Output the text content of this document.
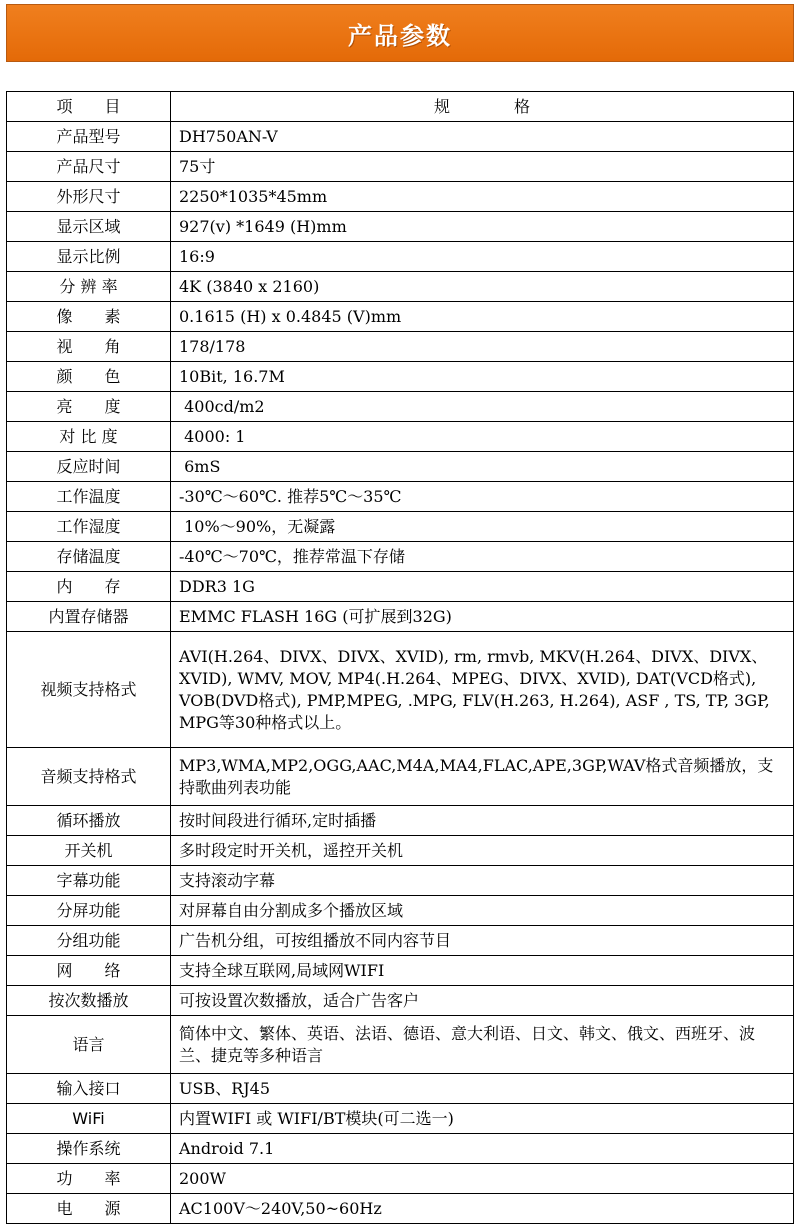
产品参数
项　　目	规　　　　格
产品型号	DH750AN-V
产品尺寸	75寸
外形尺寸	2250*1035*45mm
显示区域	927(v) *1649 (H)mm
显示比例	16:9
分 辨 率	4K (3840 x 2160)
像　　素	0.1615 (H) x 0.4845 (V)mm
视　　角	178/178
颜　　色	10Bit, 16.7M
亮　　度	400cd/m2
对 比 度	4000: 1
反应时间	6mS
工作温度	-30℃～60℃. 推荐5℃～35℃
工作湿度	10%～90%，无凝露
存储温度	-40℃～70℃，推荐常温下存储
内　　存	DDR3 1G
内置存储器	EMMC FLASH 16G (可扩展到32G)
视频支持格式	AVI(H.264、DIVX、DIVX、XVID), rm, rmvb, MKV(H.264、DIVX、DIVX、XVID), WMV, MOV, MP4(.H.264、MPEG、DIVX、XVID), DAT(VCD格式), VOB(DVD格式), PMP,MPEG, .MPG, FLV(H.263, H.264), ASF , TS, TP, 3GP, MPG等30种格式以上。
音频支持格式	MP3,WMA,MP2,OGG,AAC,M4A,MA4,FLAC,APE,3GP,WAV格式音频播放，支持歌曲列表功能
循环播放	按时间段进行循环,定时插播
开关机	多时段定时开关机，遥控开关机
字幕功能	支持滚动字幕
分屏功能	对屏幕自由分割成多个播放区域
分组功能	广告机分组，可按组播放不同内容节目
网　　络	支持全球互联网,局域网WIFI
按次数播放	可按设置次数播放，适合广告客户
语言	简体中文、繁体、英语、法语、德语、意大利语、日文、韩文、俄文、西班牙、波兰、捷克等多种语言
输入接口	USB、RJ45
WiFi	内置WIFI 或 WIFI/BT模块(可二选一)
操作系统	Android 7.1
功　　率	200W
电　　源	AC100V～240V,50~60Hz
